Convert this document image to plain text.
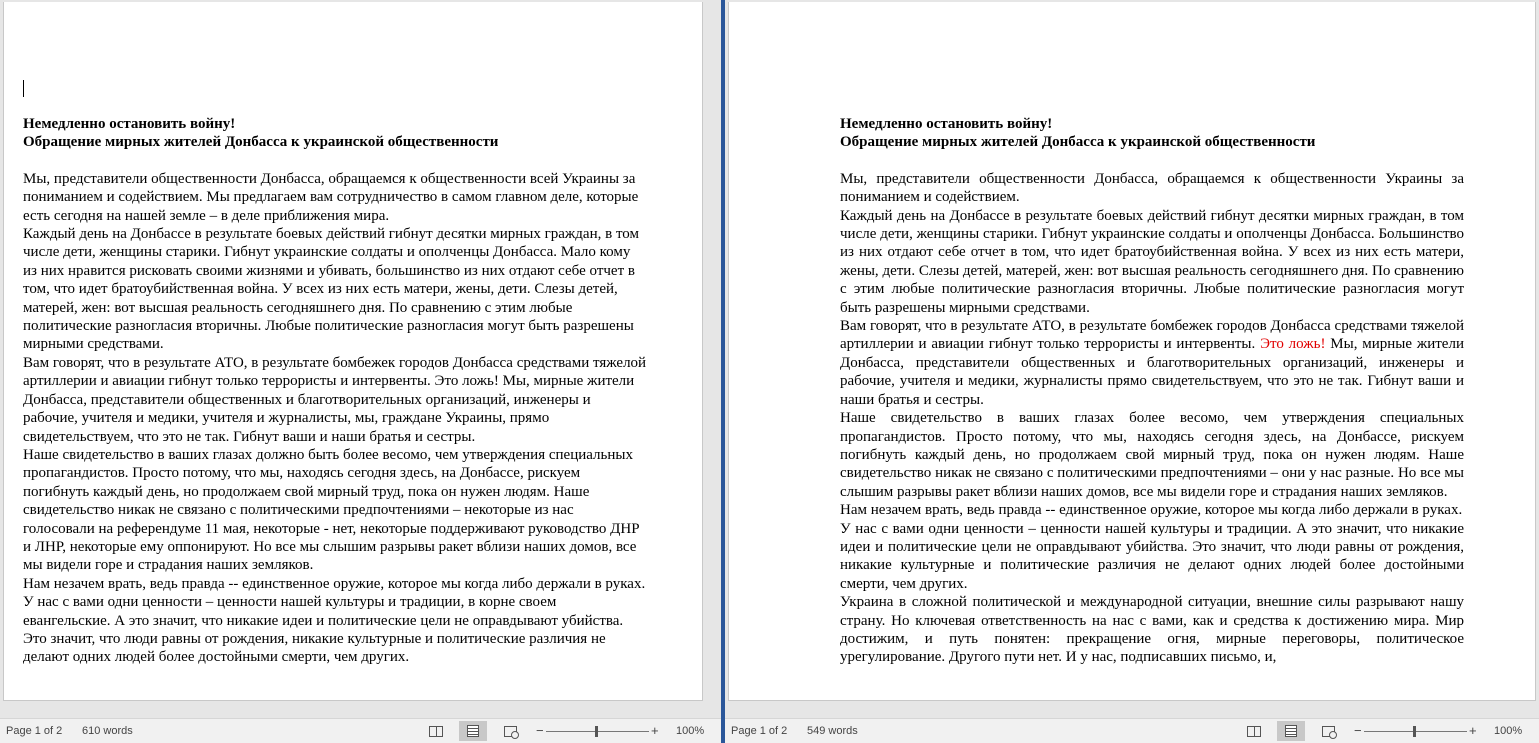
Немедленно остановить войну!

Обращение мирных жителей Донбасса к украинской общественности

Мы, представители общественности Донбасса, обращаемся к общественности всей Украины за пониманием и содействием. Мы предлагаем вам сотрудничество в самом главном деле, которые есть сегодня на нашей земле – в деле приближения мира.

Каждый день на Донбассе в результате боевых действий гибнут десятки мирных граждан, в том числе дети, женщины старики. Гибнут украинские солдаты и ополченцы Донбасса. Мало кому из них нравится рисковать своими жизнями и убивать, большинство из них отдают себе отчет в том, что идет братоубийственная война. У всех из них есть матери, жены, дети. Слезы детей, матерей, жен: вот высшая реальность сегодняшнего дня. По сравнению с этим любые политические разногласия вторичны. Любые политические разногласия могут быть разрешены мирными средствами.

Вам говорят, что в результате АТО, в результате бомбежек городов Донбасса средствами тяжелой артиллерии и авиации гибнут только террористы и интервенты. Это ложь! Мы, мирные жители Донбасса, представители общественных и благотворительных организаций, инженеры и рабочие, учителя и медики, учителя и журналисты, мы, граждане Украины, прямо свидетельствуем, что это не так. Гибнут ваши и наши братья и сестры.

Наше свидетельство в ваших глазах должно быть более весомо, чем утверждения специальных пропагандистов. Просто потому, что мы, находясь сегодня здесь, на Донбассе, рискуем погибнуть каждый день, но продолжаем свой мирный труд, пока он нужен людям. Наше свидетельство никак не связано с политическими предпочтениями – некоторые из нас голосовали на референдуме 11 мая, некоторые - нет, некоторые поддерживают руководство ДНР и ЛНР, некоторые ему оппонируют. Но все мы слышим разрывы ракет вблизи наших домов, все мы видели горе и страдания наших земляков.

Нам незачем врать, ведь правда -- единственное оружие, которое мы когда либо держали в руках.

У нас с вами одни ценности – ценности нашей культуры и традиции, в корне своем евангельские. А это значит, что никакие идеи и политические цели не оправдывают убийства. Это значит, что люди равны от рождения, никакие культурные и политические различия не делают одних людей более достойными смерти, чем других.

Page 1 of 2 610 words	−	+ 100%

Немедленно остановить войну!

Обращение мирных жителей Донбасса к украинской общественности

Мы, представители общественности Донбасса, обращаемся к общественности Украины за пониманием и содействием.

Каждый день на Донбассе в результате боевых действий гибнут десятки мирных граждан, в том числе дети, женщины старики. Гибнут украинские солдаты и ополченцы Донбасса. Большинство из них отдают себе отчет в том, что идет братоубийственная война. У всех из них есть матери, жены, дети. Слезы детей, матерей, жен: вот высшая реальность сегодняшнего дня. По сравнению с этим любые политические разногласия вторичны. Любые политические разногласия могут быть разрешены мирными средствами.

Вам говорят, что в результате АТО, в результате бомбежек городов Донбасса средствами тяжелой артиллерии и авиации гибнут только террористы и интервенты. Это ложь! Мы, мирные жители Донбасса, представители общественных и благотворительных организаций, инженеры и рабочие, учителя и медики, журналисты прямо свидетельствуем, что это не так. Гибнут ваши и наши братья и сестры.

Наше свидетельство в ваших глазах более весомо, чем утверждения специальных пропагандистов. Просто потому, что мы, находясь сегодня здесь, на Донбассе, рискуем погибнуть каждый день, но продолжаем свой мирный труд, пока он нужен людям. Наше свидетельство никак не связано с политическими предпочтениями – они у нас разные. Но все мы слышим разрывы ракет вблизи наших домов, все мы видели горе и страдания наших земляков.

Нам незачем врать, ведь правда -- единственное оружие, которое мы когда либо держали в руках.

У нас с вами одни ценности – ценности нашей культуры и традиции. А это значит, что никакие идеи и политические цели не оправдывают убийства. Это значит, что люди равны от рождения, никакие культурные и политические различия не делают одних людей более достойными смерти, чем других.

Украина в сложной политической и международной ситуации, внешние силы разрывают нашу страну. Но ключевая ответственность на нас с вами, как и средства к достижению мира. Мир достижим, и путь понятен: прекращение огня, мирные переговоры, политическое урегулирование. Другого пути нет. И у нас, подписавших письмо, и,

Page 1 of 2 549 words	−	+ 100%
